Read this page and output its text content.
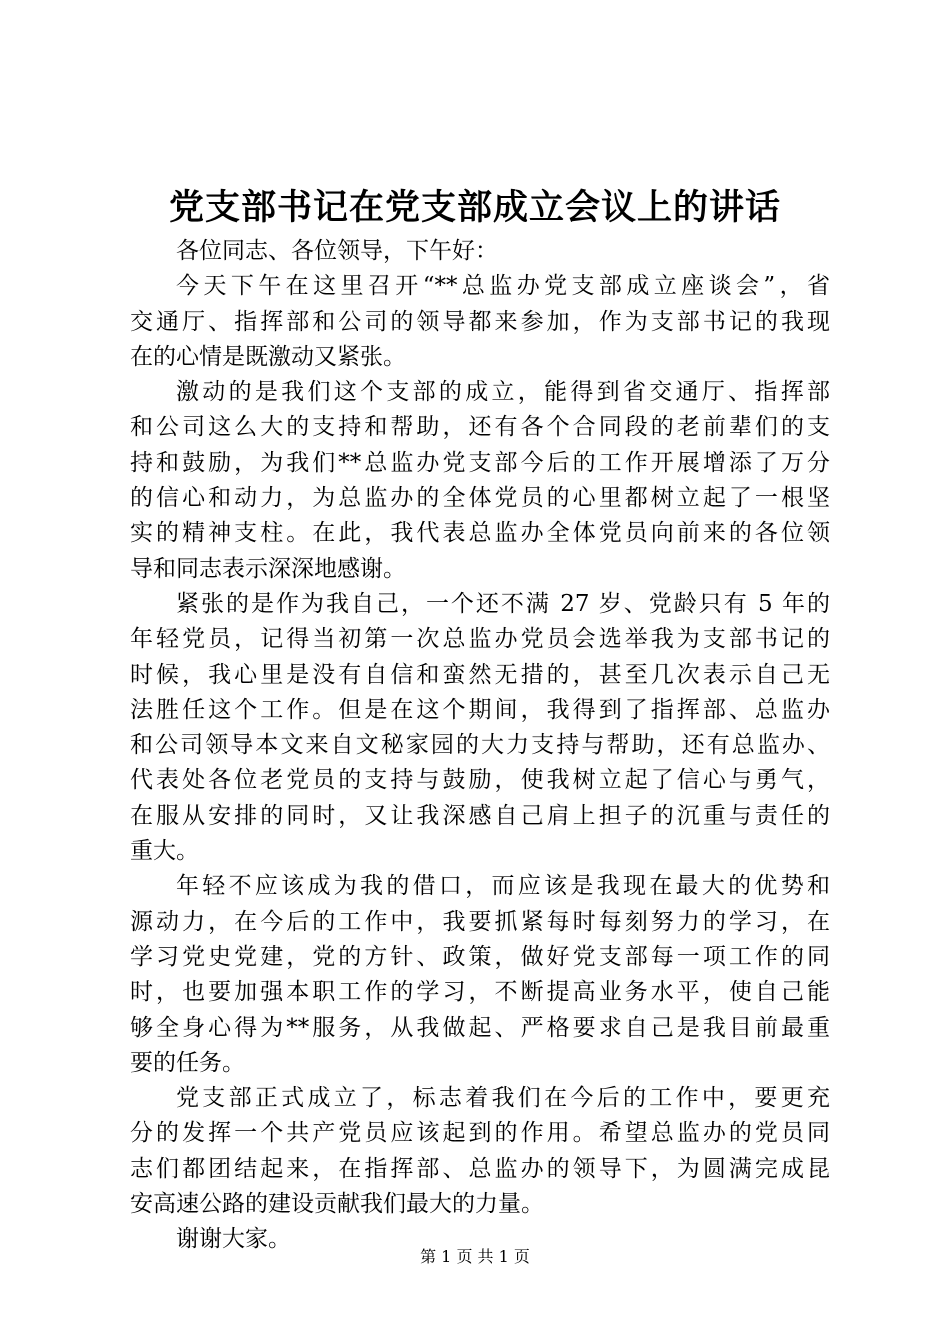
党支部书记在党支部成立会议上的讲话
各位同志、各位领导，下午好：
今天下午在这里召开“**总监办党支部成立座谈会”，省
交通厅、指挥部和公司的领导都来参加，作为支部书记的我现
在的心情是既激动又紧张。
激动的是我们这个支部的成立，能得到省交通厅、指挥部
和公司这么大的支持和帮助，还有各个合同段的老前辈们的支
持和鼓励，为我们**总监办党支部今后的工作开展增添了万分
的信心和动力，为总监办的全体党员的心里都树立起了一根坚
实的精神支柱。在此，我代表总监办全体党员向前来的各位领
导和同志表示深深地感谢。
紧张的是作为我自己，一个还不满 27 岁、党龄只有 5 年的
年轻党员，记得当初第一次总监办党员会选举我为支部书记的
时候，我心里是没有自信和蛮然无措的，甚至几次表示自己无
法胜任这个工作。但是在这个期间，我得到了指挥部、总监办
和公司领导本文来自文秘家园的大力支持与帮助，还有总监办、
代表处各位老党员的支持与鼓励，使我树立起了信心与勇气，
在服从安排的同时，又让我深感自己肩上担子的沉重与责任的
重大。
年轻不应该成为我的借口，而应该是我现在最大的优势和
源动力，在今后的工作中，我要抓紧每时每刻努力的学习，在
学习党史党建，党的方针、政策，做好党支部每一项工作的同
时，也要加强本职工作的学习，不断提高业务水平，使自己能
够全身心得为**服务，从我做起、严格要求自己是我目前最重
要的任务。
党支部正式成立了，标志着我们在今后的工作中，要更充
分的发挥一个共产党员应该起到的作用。希望总监办的党员同
志们都团结起来，在指挥部、总监办的领导下，为圆满完成昆
安高速公路的建设贡献我们最大的力量。
谢谢大家。
第 1 页 共 1 页
